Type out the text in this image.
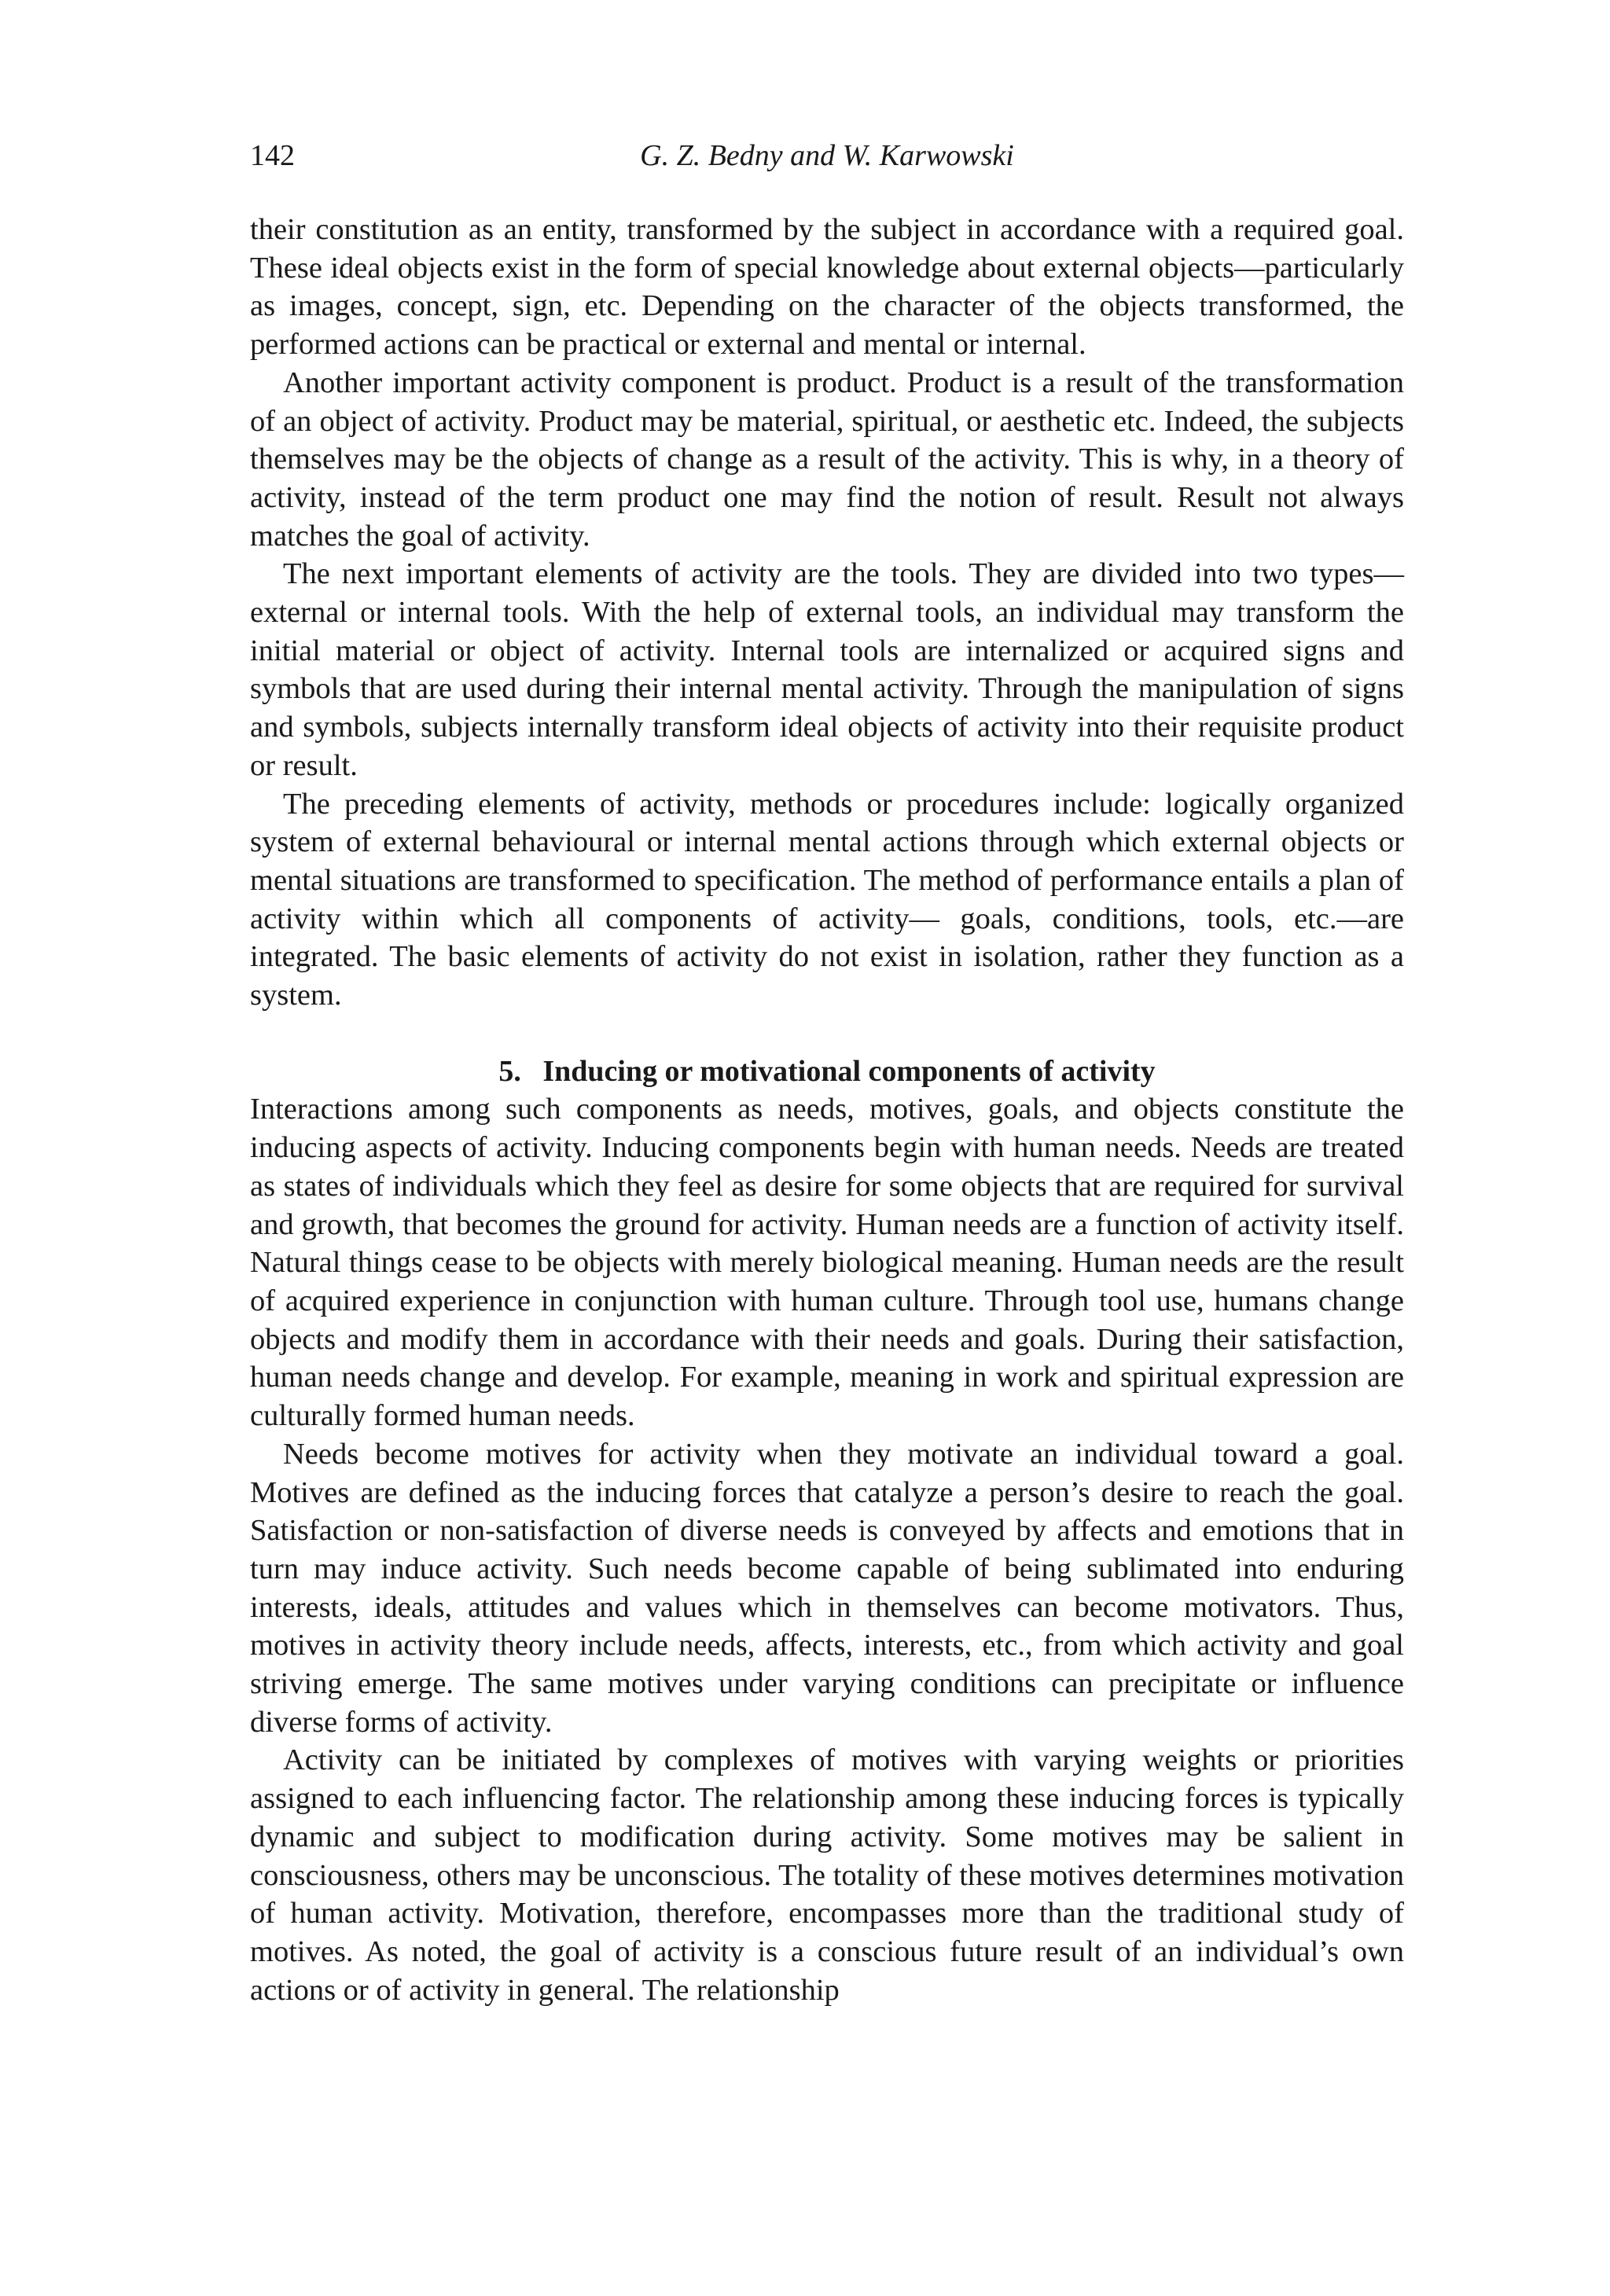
142	G. Z. Bedny and W. Karwowski

their constitution as an entity, transformed by the subject in accordance with a required goal. These ideal objects exist in the form of special knowledge about external objects—particularly as images, concept, sign, etc. Depending on the character of the objects transformed, the performed actions can be practical or external and mental or internal.

Another important activity component is product. Product is a result of the transformation of an object of activity. Product may be material, spiritual, or aesthetic etc. Indeed, the subjects themselves may be the objects of change as a result of the activity. This is why, in a theory of activity, instead of the term product one may find the notion of result. Result not always matches the goal of activity.

The next important elements of activity are the tools. They are divided into two types—external or internal tools. With the help of external tools, an individual may transform the initial material or object of activity. Internal tools are internalized or acquired signs and symbols that are used during their internal mental activity. Through the manipulation of signs and symbols, subjects internally transform ideal objects of activity into their requisite product or result.

The preceding elements of activity, methods or procedures include: logically organized system of external behavioural or internal mental actions through which external objects or mental situations are transformed to specification. The method of performance entails a plan of activity within which all components of activity— goals, conditions, tools, etc.—are integrated. The basic elements of activity do not exist in isolation, rather they function as a system.

5. Inducing or motivational components of activity

Interactions among such components as needs, motives, goals, and objects constitute the inducing aspects of activity. Inducing components begin with human needs. Needs are treated as states of individuals which they feel as desire for some objects that are required for survival and growth, that becomes the ground for activity. Human needs are a function of activity itself. Natural things cease to be objects with merely biological meaning. Human needs are the result of acquired experience in conjunction with human culture. Through tool use, humans change objects and modify them in accordance with their needs and goals. During their satisfaction, human needs change and develop. For example, meaning in work and spiritual expression are culturally formed human needs.

Needs become motives for activity when they motivate an individual toward a goal. Motives are defined as the inducing forces that catalyze a person’s desire to reach the goal. Satisfaction or non-satisfaction of diverse needs is conveyed by affects and emotions that in turn may induce activity. Such needs become capable of being sublimated into enduring interests, ideals, attitudes and values which in themselves can become motivators. Thus, motives in activity theory include needs, affects, interests, etc., from which activity and goal striving emerge. The same motives under varying conditions can precipitate or influence diverse forms of activity.

Activity can be initiated by complexes of motives with varying weights or priorities assigned to each influencing factor. The relationship among these inducing forces is typically dynamic and subject to modification during activity. Some motives may be salient in consciousness, others may be unconscious. The totality of these motives determines motivation of human activity. Motivation, therefore, encompasses more than the traditional study of motives. As noted, the goal of activity is a conscious future result of an individual’s own actions or of activity in general. The relationship
